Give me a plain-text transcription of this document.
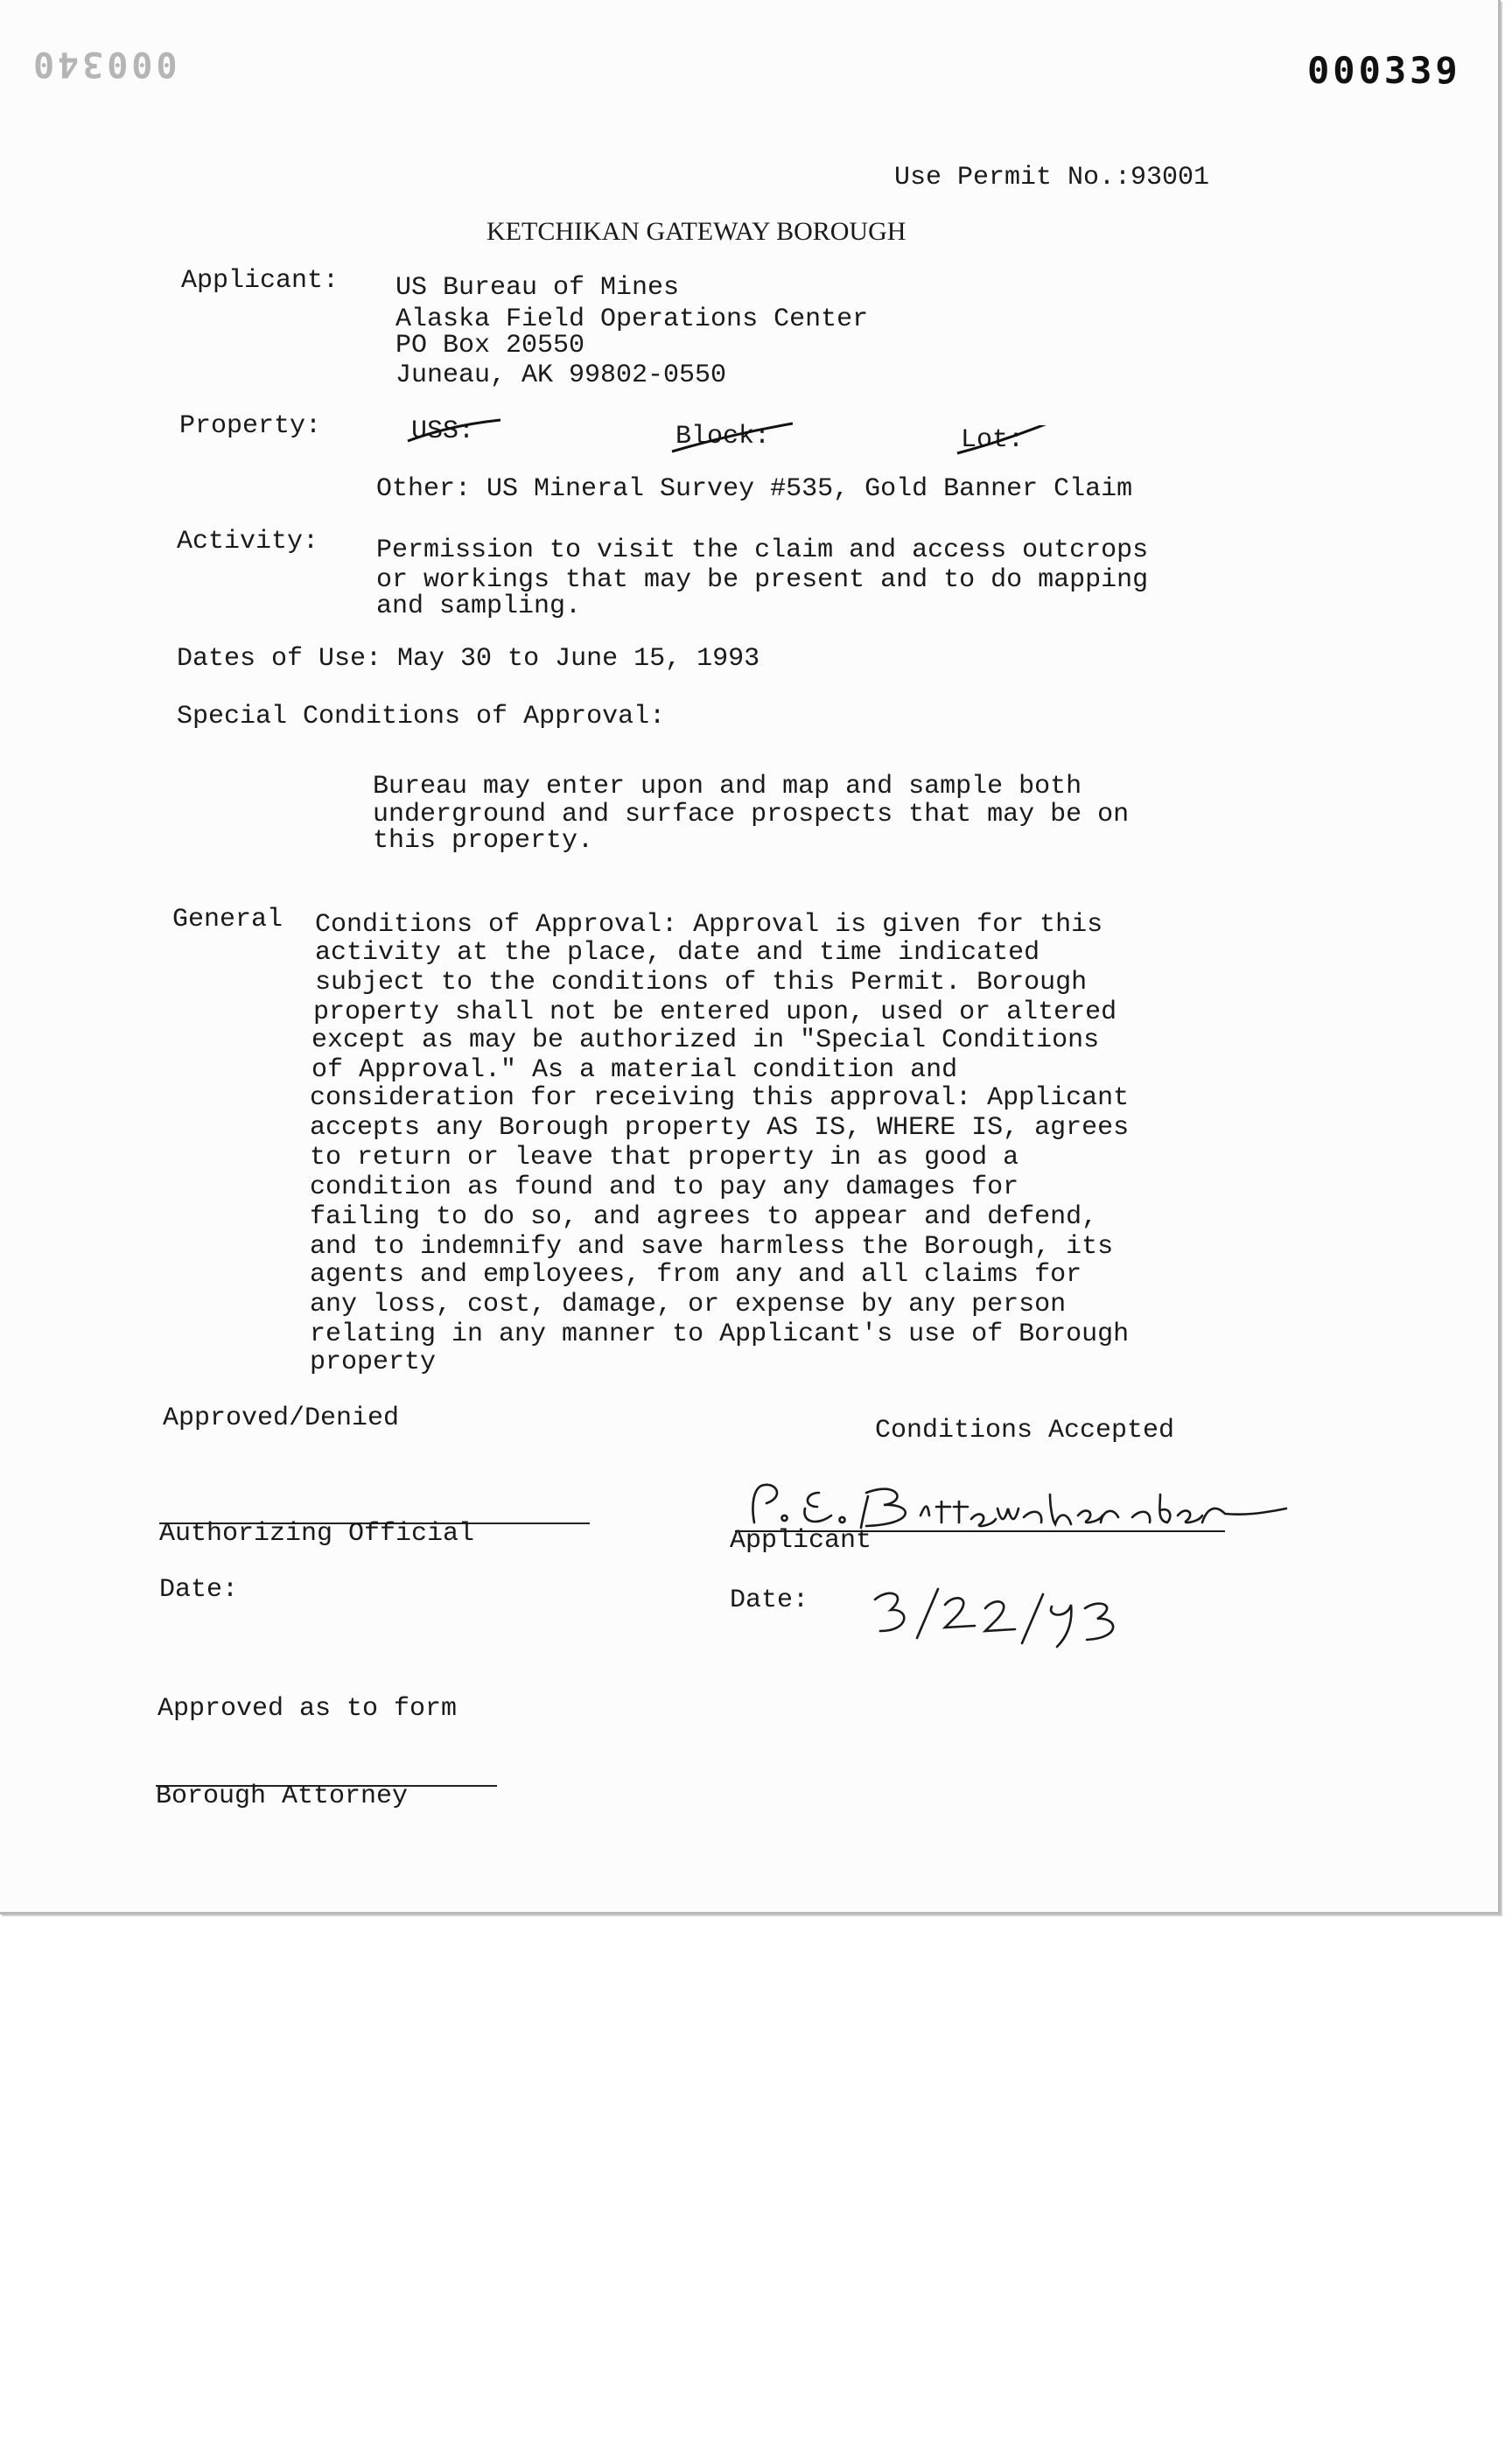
000340	000339
Use Permit No.:93001
KETCHIKAN GATEWAY BOROUGH
Applicant: US Bureau of Mines
Alaska Field Operations Center
PO Box 20550
Juneau, AK 99802-0550
Property:	USS:	Block:	Lot:
Other: US Mineral Survey #535, Gold Banner Claim
Activity: Permission to visit the claim and access outcrops
or workings that may be present and to do mapping
and sampling.
Dates of Use: May 30 to June 15, 1993
Special Conditions of Approval:
Bureau may enter upon and map and sample both
underground and surface prospects that may be on
this property.
General Conditions of Approval: Approval is given for this
activity at the place, date and time indicated
subject to the conditions of this Permit. Borough
property shall not be entered upon, used or altered
except as may be authorized in "Special Conditions
of Approval." As a material condition and
consideration for receiving this approval: Applicant
accepts any Borough property AS IS, WHERE IS, agrees
to return or leave that property in as good a
condition as found and to pay any damages for
failing to do so, and agrees to appear and defend,
and to indemnify and save harmless the Borough, its
agents and employees, from any and all claims for
any loss, cost, damage, or expense by any person
relating in any manner to Applicant's use of Borough
property
Approved/Denied	Conditions Accepted
Authorizing Official	Applicant
Date:	Date:
Approved as to form
Borough Attorney
